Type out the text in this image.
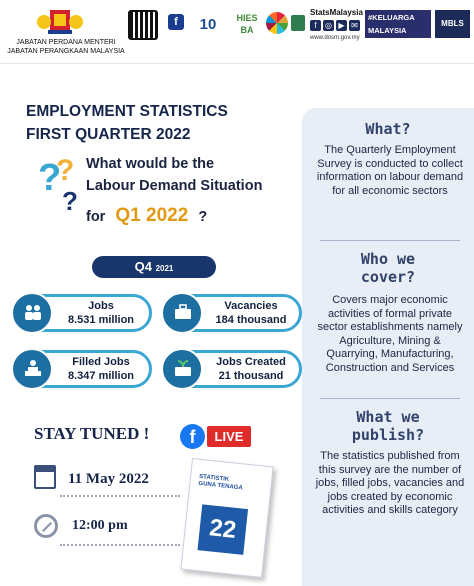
JABATAN PERDANA MENTERI
JABATAN PERANGKAAN MALAYSIA
f	10	HIES
BA
StatsMalaysia
f	◎ ▶ ✉
www.dosm.gov.my
#KELUARGA
MALAYSIA
MBLS
What?
The Quarterly Employment Survey is conducted to collect information on labour demand for all economic sectors
Who we
cover?
Covers major economic activities of formal private sector establishments namely Agriculture, Mining & Quarrying, Manufacturing, Construction and Services
What we
publish?
The statistics published from this survey are the number of jobs, filled jobs, vacancies and jobs created by economic activities and skills category
EMPLOYMENT STATISTICS
FIRST QUARTER 2022
?
?
?
What would be the
Labour Demand Situation
for Q1 2022 ?
Q4 2021
Jobs
8.531 million
Vacancies
184 thousand
Filled Jobs
8.347 million
Jobs Created
21 thousand
STAY TUNED !	f	LIVE
11 May 2022
12:00 pm
STATISTIK
GUNA TENAGA
22
